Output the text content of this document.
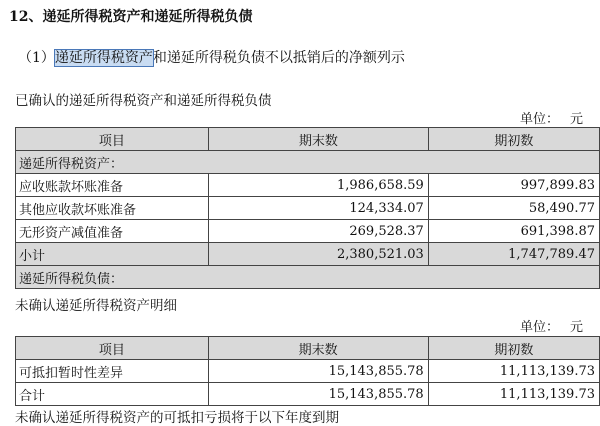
12、递延所得税资产和递延所得税负债
（1）递延所得税资产和递延所得税负债不以抵销后的净额列示
已确认的递延所得税资产和递延所得税负债
单位： 元
项目	期末数	期初数
递延所得税资产：		
应收账款坏账准备	1,986,658.59	997,899.83
其他应收款坏账准备	124,334.07	58,490.77
无形资产减值准备	269,528.37	691,398.87
小计	2,380,521.03	1,747,789.47
递延所得税负债：		
未确认递延所得税资产明细
单位： 元
项目	期末数	期初数
可抵扣暂时性差异	15,143,855.78	11,113,139.73
合计	15,143,855.78	11,113,139.73
未确认递延所得税资产的可抵扣亏损将于以下年度到期
